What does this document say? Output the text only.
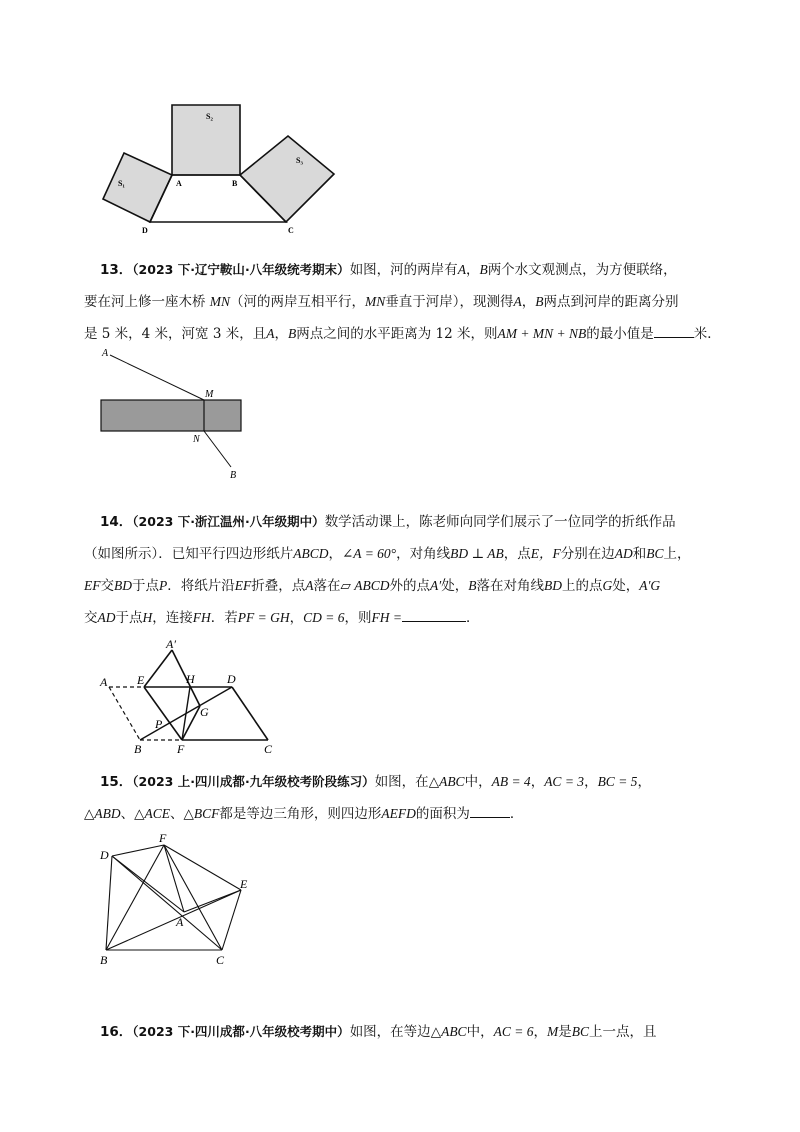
S₁
S₂
S₃
A	B
D	C
13．（2023 下·辽宁鞍山·八年级统考期末）如图，河的两岸有A，B两个水文观测点，为方便联络，
要在河上修一座木桥 MN（河的两岸互相平行，MN垂直于河岸），现测得A，B两点到河岸的距离分别
是 5 米，4 米，河宽 3 米，且A，B两点之间的水平距离为 12 米，则AM + MN + NB的最小值是	米．
A
M
N
B
14．（2023 下·浙江温州·八年级期中）数学活动课上，陈老师向同学们展示了一位同学的折纸作品
（如图所示）．已知平行四边形纸片ABCD，∠A = 60°，对角线BD ⊥ AB，点E，F分别在边AD和BC上，
EF交BD于点P．将纸片沿EF折叠，点A落在▱ ABCD外的点A′处，B落在对角线BD上的点G处，A′G
交AD于点H，连接FH．若PF = GH，CD = 6，则FH =	．
A′
A E	H	D
P
G
B	F	C
15．（2023 上·四川成都·九年级校考阶段练习）如图，在△ABC中，AB = 4，AC = 3，BC = 5，
△ABD、△ACE、△BCF都是等边三角形，则四边形AEFD的面积为	．
F
D
E
A
B	C
16．（2023 下·四川成都·八年级校考期中）如图，在等边△ABC中，AC = 6，M是BC上一点，且
